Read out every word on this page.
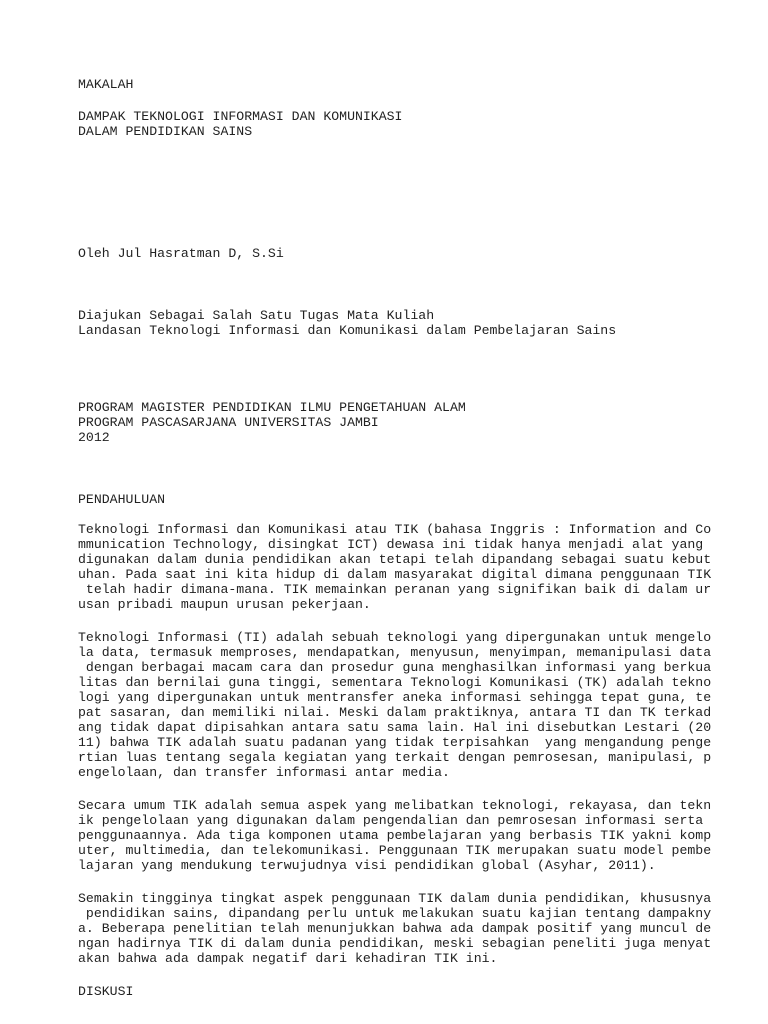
MAKALAH

DAMPAK TEKNOLOGI INFORMASI DAN KOMUNIKASI

DALAM PENDIDIKAN SAINS

Oleh Jul Hasratman D, S.Si

Diajukan Sebagai Salah Satu Tugas Mata Kuliah

Landasan Teknologi Informasi dan Komunikasi dalam Pembelajaran Sains

PROGRAM MAGISTER PENDIDIKAN ILMU PENGETAHUAN ALAM

PROGRAM PASCASARJANA UNIVERSITAS JAMBI

2012

PENDAHULUAN

Teknologi Informasi dan Komunikasi atau TIK (bahasa Inggris : Information and Co

mmunication Technology, disingkat ICT) dewasa ini tidak hanya menjadi alat yang

digunakan dalam dunia pendidikan akan tetapi telah dipandang sebagai suatu kebut

uhan. Pada saat ini kita hidup di dalam masyarakat digital dimana penggunaan TIK

telah hadir dimana-mana. TIK memainkan peranan yang signifikan baik di dalam ur

usan pribadi maupun urusan pekerjaan.

Teknologi Informasi (TI) adalah sebuah teknologi yang dipergunakan untuk mengelo

la data, termasuk memproses, mendapatkan, menyusun, menyimpan, memanipulasi data

dengan berbagai macam cara dan prosedur guna menghasilkan informasi yang berkua

litas dan bernilai guna tinggi, sementara Teknologi Komunikasi (TK) adalah tekno

logi yang dipergunakan untuk mentransfer aneka informasi sehingga tepat guna, te

pat sasaran, dan memiliki nilai. Meski dalam praktiknya, antara TI dan TK terkad

ang tidak dapat dipisahkan antara satu sama lain. Hal ini disebutkan Lestari (20

11) bahwa TIK adalah suatu padanan yang tidak terpisahkan  yang mengandung penge

rtian luas tentang segala kegiatan yang terkait dengan pemrosesan, manipulasi, p

engelolaan, dan transfer informasi antar media.

Secara umum TIK adalah semua aspek yang melibatkan teknologi, rekayasa, dan tekn

ik pengelolaan yang digunakan dalam pengendalian dan pemrosesan informasi serta

penggunaannya. Ada tiga komponen utama pembelajaran yang berbasis TIK yakni komp

uter, multimedia, dan telekomunikasi. Penggunaan TIK merupakan suatu model pembe

lajaran yang mendukung terwujudnya visi pendidikan global (Asyhar, 2011).

Semakin tingginya tingkat aspek penggunaan TIK dalam dunia pendidikan, khususnya

pendidikan sains, dipandang perlu untuk melakukan suatu kajian tentang dampakny

a. Beberapa penelitian telah menunjukkan bahwa ada dampak positif yang muncul de

ngan hadirnya TIK di dalam dunia pendidikan, meski sebagian peneliti juga menyat

akan bahwa ada dampak negatif dari kehadiran TIK ini.

DISKUSI
